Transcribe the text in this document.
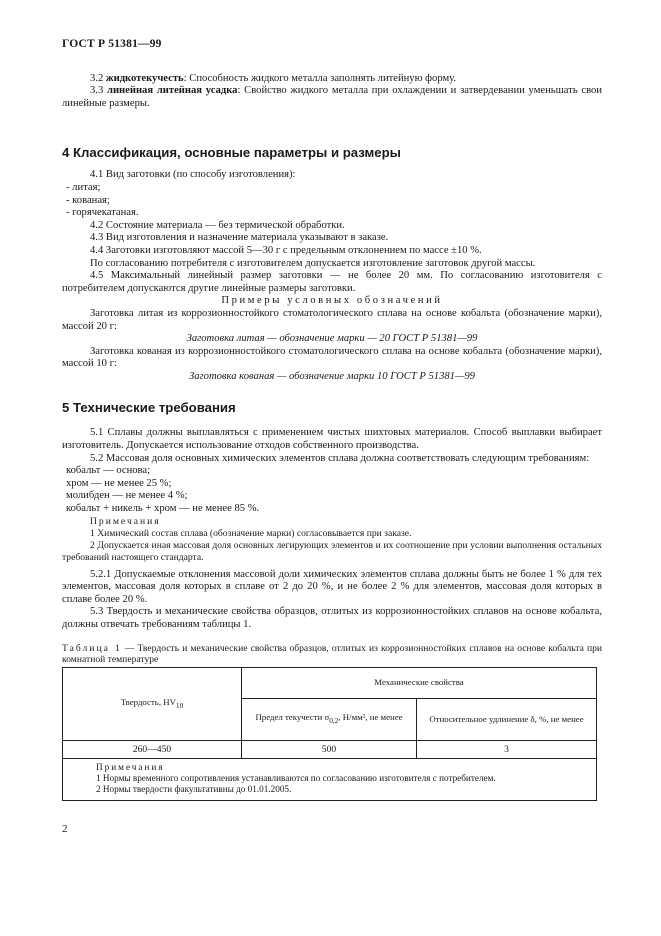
ГОСТ Р 51381—99

3.2 жидкотекучесть: Способность жидкого металла заполнять литейную форму.

3.3 линейная литейная усадка: Свойство жидкого металла при охлаждении и затвердевании уменьшать свои линейные размеры.

4 Классификация, основные параметры и размеры

4.1 Вид заготовки (по способу изготовления):

- литая;

- кованая;

- горячекатаная.

4.2 Состояние материала — без термической обработки.

4.3 Вид изготовления и назначение материала указывают в заказе.

4.4 Заготовки изготовляют массой 5—30 г с предельным отклонением по массе ±10 %.

По согласованию потребителя с изготовителем допускается изготовление заготовок другой массы.

4.5 Максимальный линейный размер заготовки — не более 20 мм. По согласованию изготовителя с потребителем допускаются другие линейные размеры заготовки.

Примеры условных обозначений

Заготовка литая из коррозионностойкого стоматологического сплава на основе кобальта (обозначение марки), массой 20 г:

Заготовка литая — обозначение марки — 20 ГОСТ Р 51381—99

Заготовка кованая из коррозионностойкого стоматологического сплава на основе кобальта (обозначение марки), массой 10 г:

Заготовка кованая — обозначение марки 10 ГОСТ Р 51381—99

5 Технические требования

5.1 Сплавы должны выплавляться с применением чистых шихтовых материалов. Способ выплавки выбирает изготовитель. Допускается использование отходов собственного производства.

5.2 Массовая доля основных химических элементов сплава должна соответствовать следующим требованиям:

кобальт — основа;

хром — не менее 25 %;

молибден — не менее 4 %;

кобальт + никель + хром — не менее 85 %.

Примечания

1 Химический состав сплава (обозначение марки) согласовывается при заказе.

2 Допускается иная массовая доля основных легирующих элементов и их соотношение при условии выполнения остальных требований настоящего стандарта.

5.2.1 Допускаемые отклонения массовой доли химических элементов сплава должны быть не более 1 % для тех элементов, массовая доля которых в сплаве от 2 до 20 %, и не более 2 % для элементов, массовая доля которых в сплаве более 20 %.

5.3 Твердость и механические свойства образцов, отлитых из коррозионностойких сплавов на основе кобальта, должны отвечать требованиям таблицы 1.

Таблица 1 — Твердость и механические свойства образцов, отлитых из коррозионностойких сплавов на основе кобальта при комнатной температуре

Твердость, $HV_{10}$	Механические свойства	
	Предел текучести $\sigma_{0,2}$, Н/мм², не менее	Относительное удлинение δ, %, не менее
260—450	500	3
Примечания
1 Нормы временного сопротивления устанавливаются по согласованию изготовителя с потребителем.
2 Нормы твердости факультативны до 01.01.2005.
2
